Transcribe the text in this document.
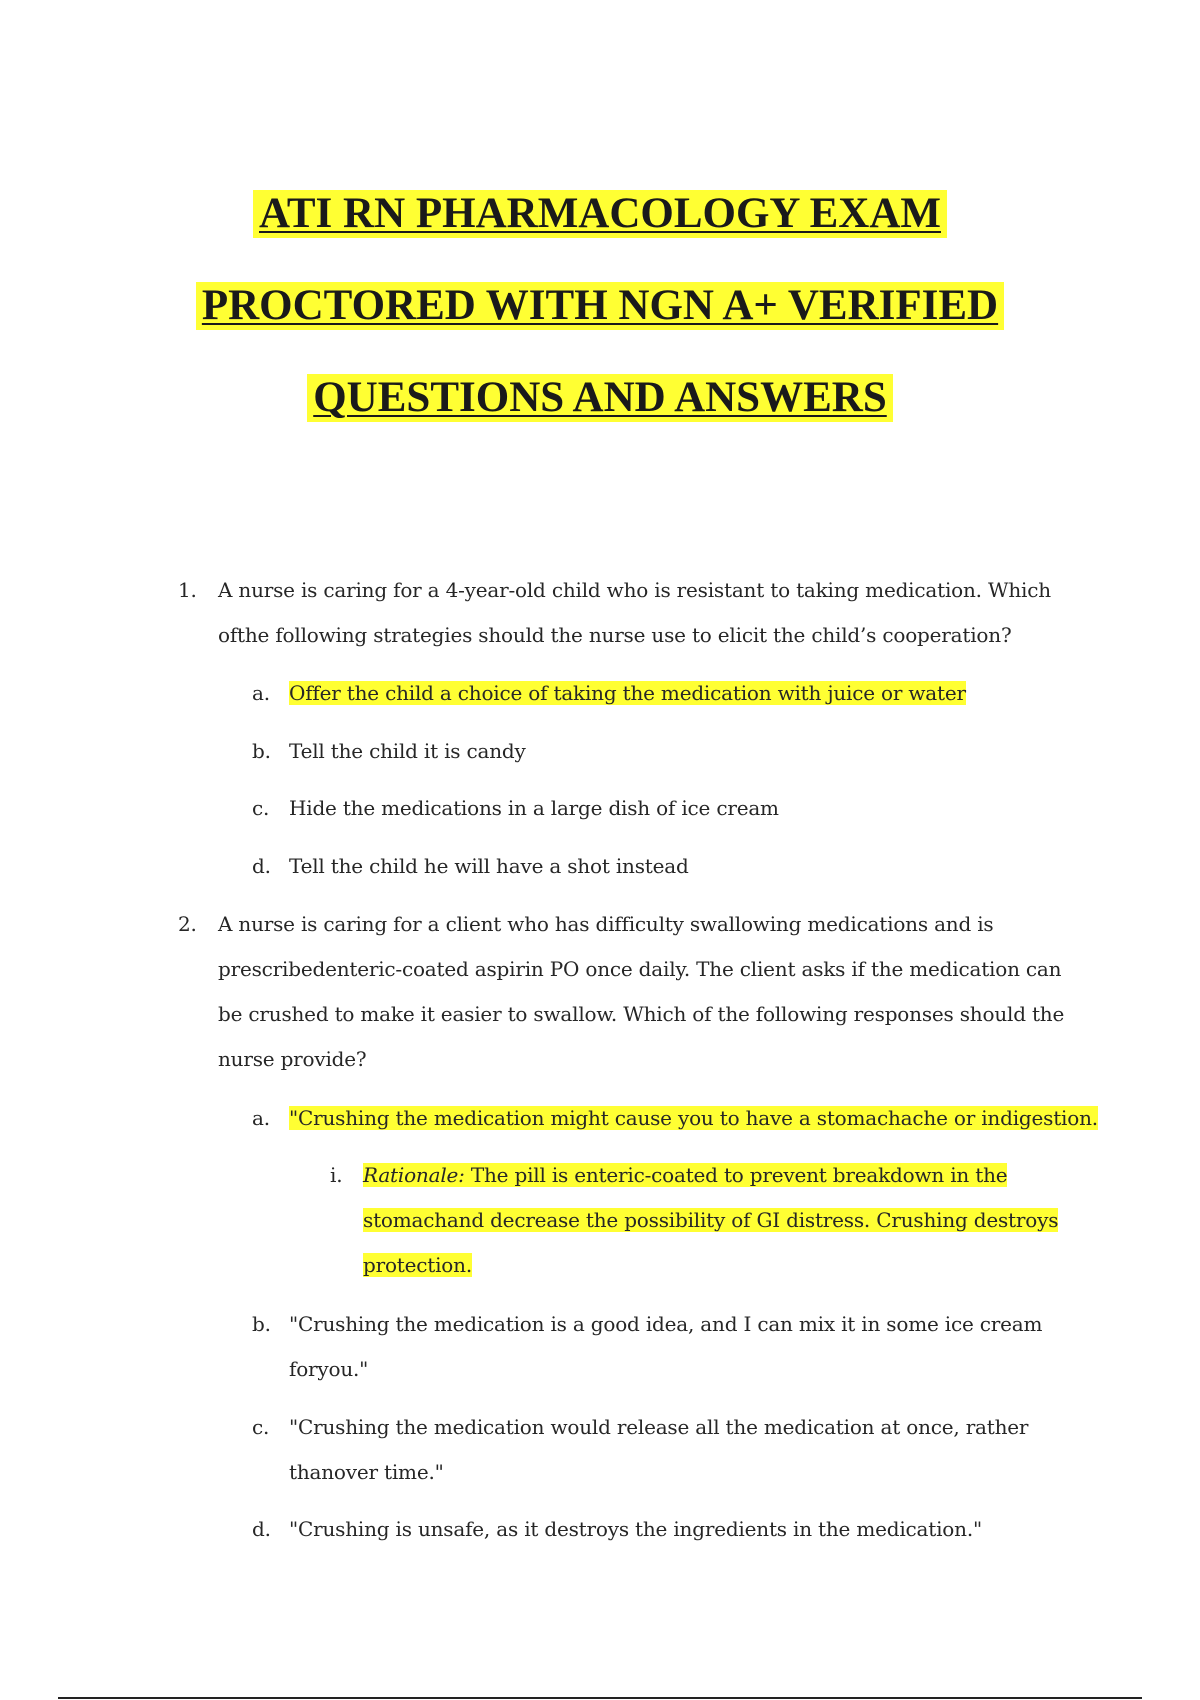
ATI RN PHARMACOLOGY EXAM
PROCTORED WITH NGN A+ VERIFIED
QUESTIONS AND ANSWERS
1.	A nurse is caring for a 4-year-old child who is resistant to taking medication. Which
ofthe following strategies should the nurse use to elicit the child’s cooperation?
a. Offer the child a choice of taking the medication with juice or water
b. Tell the child it is candy
c. Hide the medications in a large dish of ice cream
d. Tell the child he will have a shot instead
2.	A nurse is caring for a client who has difficulty swallowing medications and is
prescribedenteric-coated aspirin PO once daily. The client asks if the medication can
be crushed to make it easier to swallow. Which of the following responses should the
nurse provide?
a. "Crushing the medication might cause you to have a stomachache or indigestion.
i.	Rationale: The pill is enteric-coated to prevent breakdown in the
stomachand decrease the possibility of GI distress. Crushing destroys
protection.
b. "Crushing the medication is a good idea, and I can mix it in some ice cream
foryou."
c. "Crushing the medication would release all the medication at once, rather
thanover time."
d. "Crushing is unsafe, as it destroys the ingredients in the medication."
